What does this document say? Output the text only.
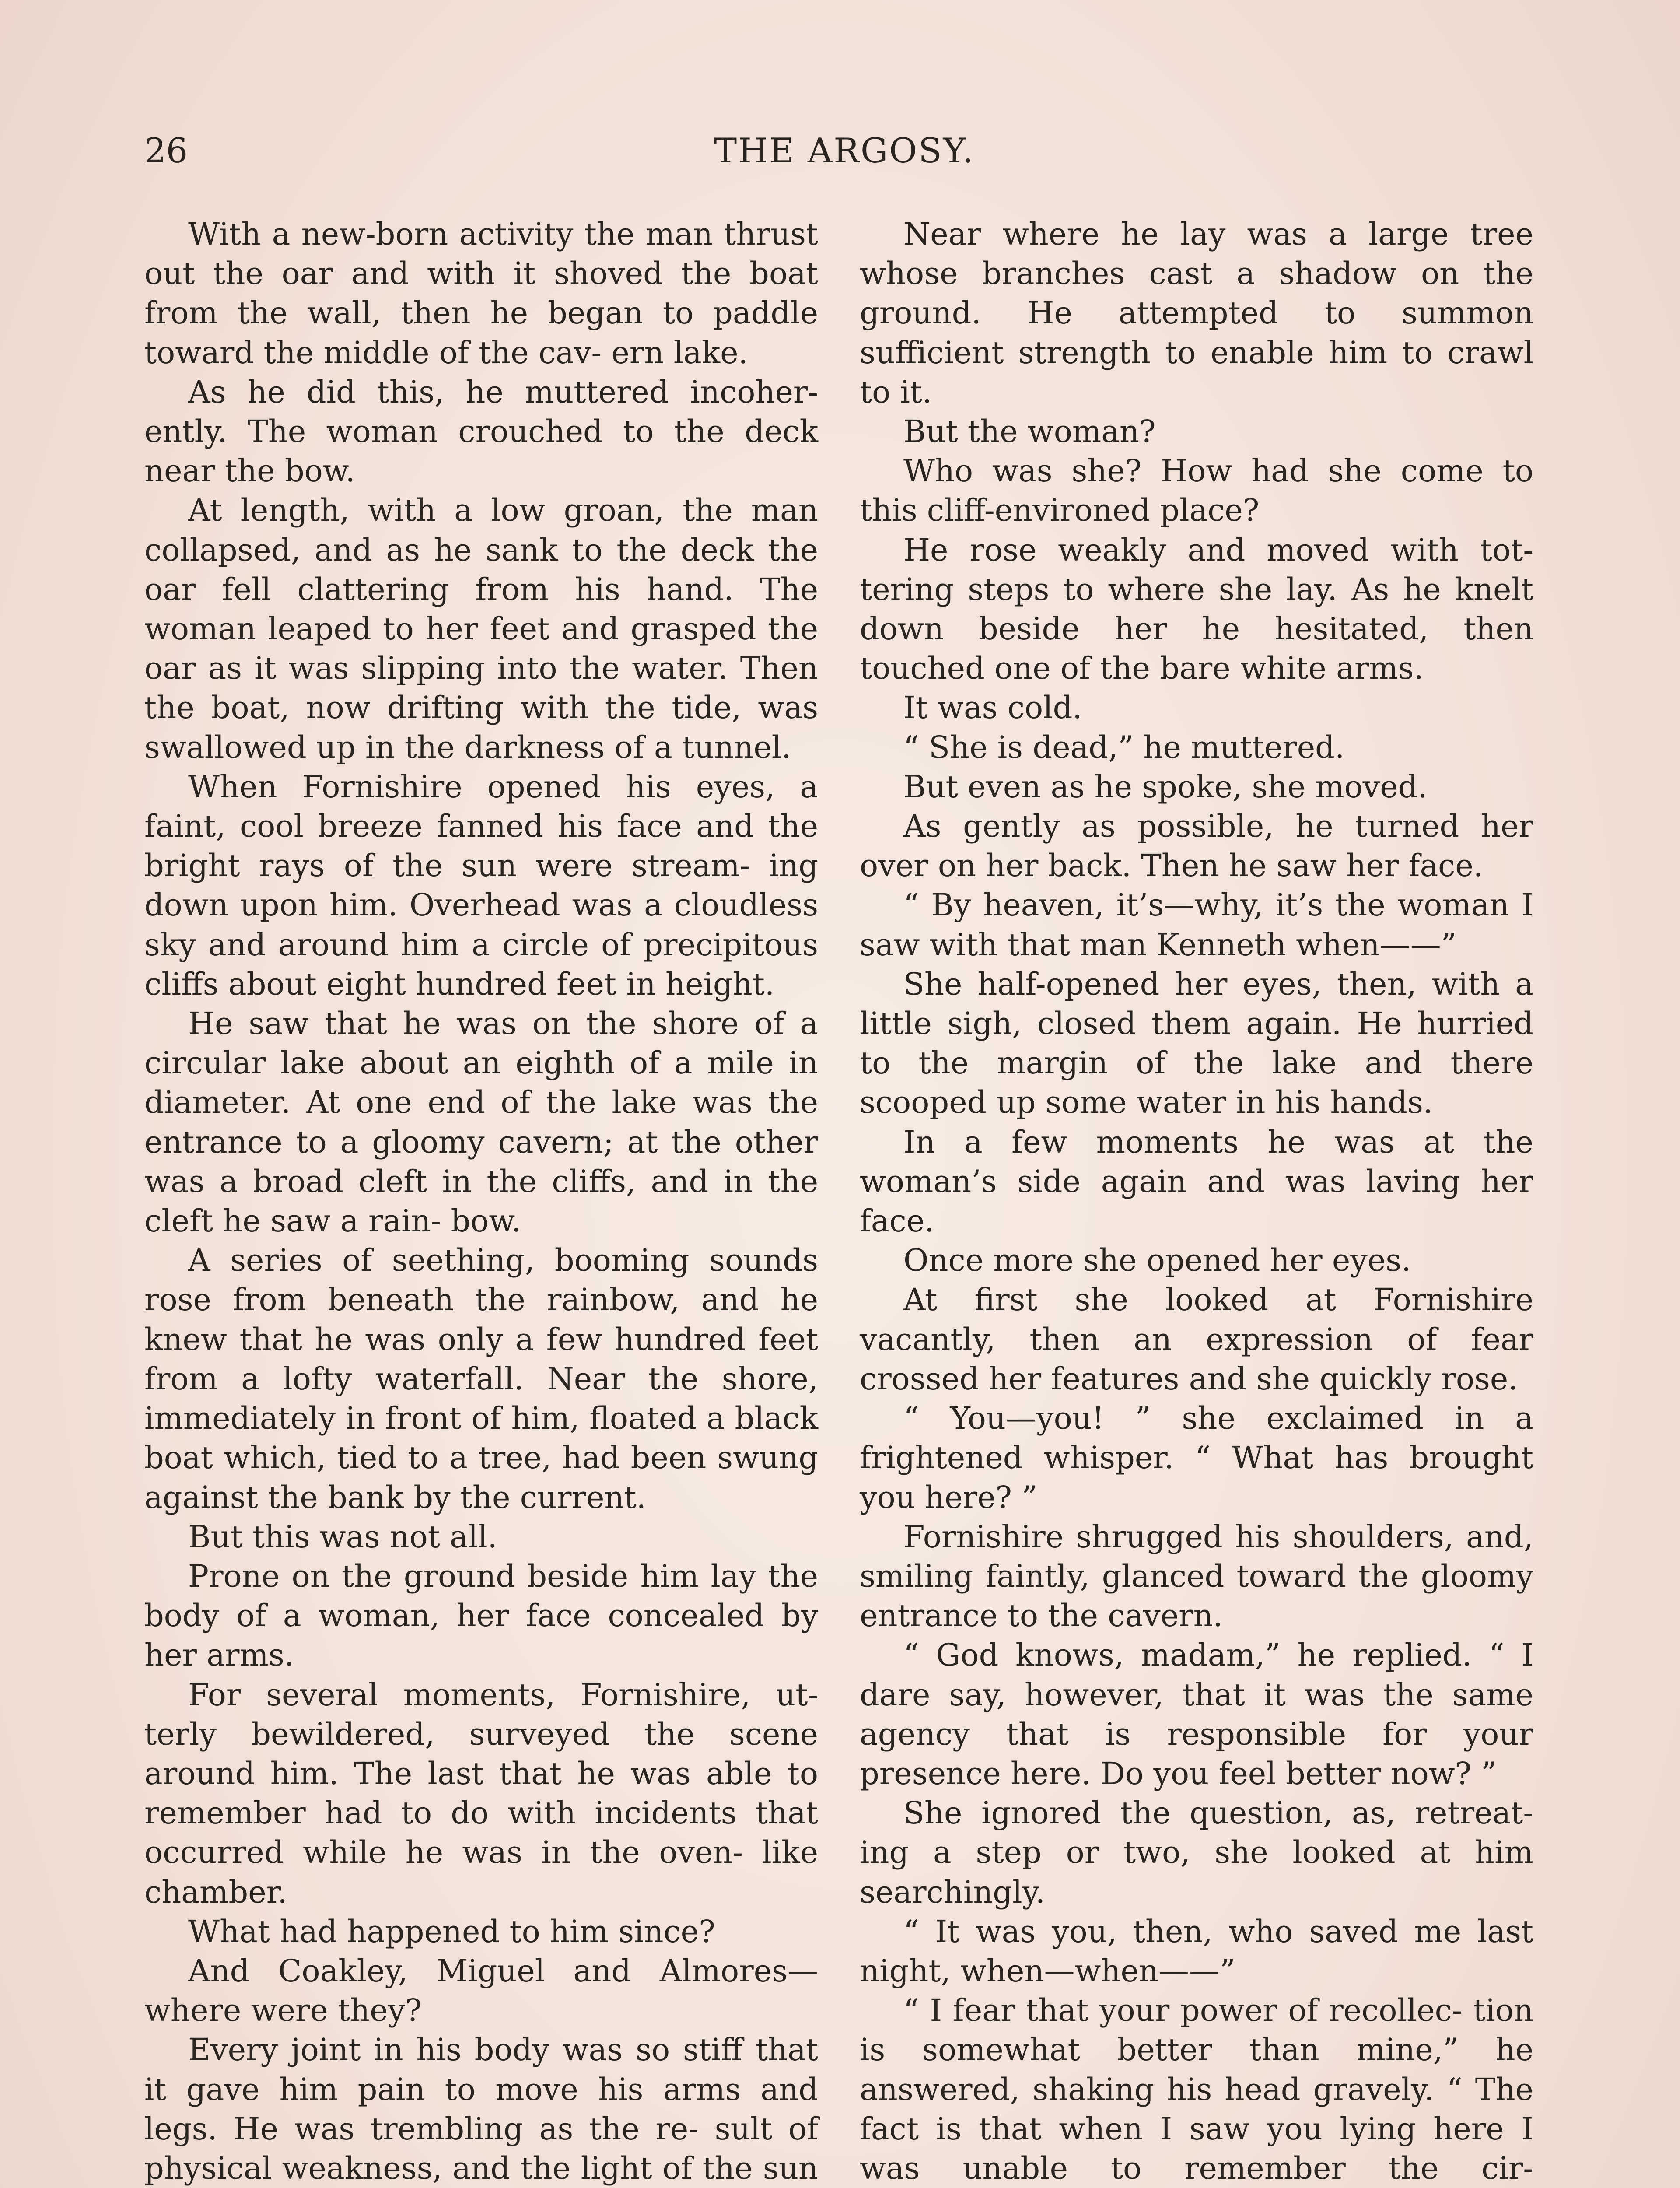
26	THE ARGOSY.

With a new-born activity the man thrust out the oar and with it shoved the boat from the wall, then he began to paddle toward the middle of the cav- ern lake.

As he did this, he muttered incoher- ently. The woman crouched to the deck near the bow.

At length, with a low groan, the man collapsed, and as he sank to the deck the oar fell clattering from his hand. The woman leaped to her feet and grasped the oar as it was slipping into the water. Then the boat, now drifting with the tide, was swallowed up in the darkness of a tunnel.

When Fornishire opened his eyes, a faint, cool breeze fanned his face and the bright rays of the sun were stream- ing down upon him. Overhead was a cloudless sky and around him a circle of precipitous cliffs about eight hundred feet in height.

He saw that he was on the shore of a circular lake about an eighth of a mile in diameter. At one end of the lake was the entrance to a gloomy cavern; at the other was a broad cleft in the cliffs, and in the cleft he saw a rain- bow.

A series of seething, booming sounds rose from beneath the rainbow, and he knew that he was only a few hundred feet from a lofty waterfall. Near the shore, immediately in front of him, floated a black boat which, tied to a tree, had been swung against the bank by the current.

But this was not all.

Prone on the ground beside him lay the body of a woman, her face concealed by her arms.

For several moments, Fornishire, ut- terly bewildered, surveyed the scene around him. The last that he was able to remember had to do with incidents that occurred while he was in the oven- like chamber.

What had happened to him since?

And Coakley, Miguel and Almores— where were they?

Every joint in his body was so stiff that it gave him pain to move his arms and legs. He was trembling as the re- sult of physical weakness, and the light of the sun

Near where he lay was a large tree whose branches cast a shadow on the ground. He attempted to summon sufficient strength to enable him to crawl to it.

But the woman?

Who was she? How had she come to this cliff-environed place?

He rose weakly and moved with tot- tering steps to where she lay. As he knelt down beside her he hesitated, then touched one of the bare white arms.

It was cold.

“ She is dead,” he muttered.

But even as he spoke, she moved.

As gently as possible, he turned her over on her back. Then he saw her face.

“ By heaven, it’s—why, it’s the woman I saw with that man Kenneth when——”

She half-opened her eyes, then, with a little sigh, closed them again. He hurried to the margin of the lake and there scooped up some water in his hands.

In a few moments he was at the woman’s side again and was laving her face.

Once more she opened her eyes.

At first she looked at Fornishire vacantly, then an expression of fear crossed her features and she quickly rose.

“ You—you! ” she exclaimed in a frightened whisper. “ What has brought you here? ”

Fornishire shrugged his shoulders, and, smiling faintly, glanced toward the gloomy entrance to the cavern.

“ God knows, madam,” he replied. “ I dare say, however, that it was the same agency that is responsible for your presence here. Do you feel better now? ”

She ignored the question, as, retreat- ing a step or two, she looked at him searchingly.

“ It was you, then, who saved me last night, when—when——”

“ I fear that your power of recollec- tion is somewhat better than mine,” he answered, shaking his head gravely. “ The fact is that when I saw you lying here I was unable to remember the cir-
